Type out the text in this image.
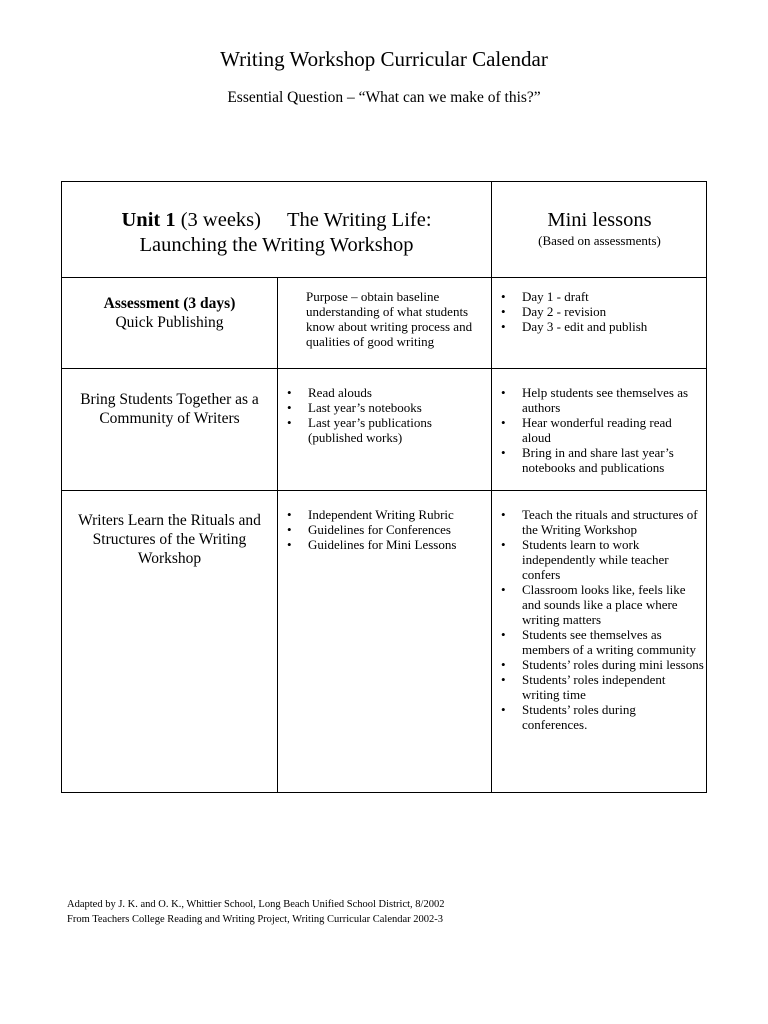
Writing Workshop Curricular Calendar
Essential Question – “What can we make of this?”
Unit 1 (3 weeks) The Writing Life:
Launching the Writing Workshop
Mini lessons
(Based on assessments)
Assessment (3 days)
Quick Publishing
Purpose – obtain baseline understanding of what students know about writing process and qualities of good writing
• Day 1 - draft
• Day 2 - revision
• Day 3 - edit and publish
Bring Students Together as a Community of Writers
• Read alouds
• Last year’s notebooks
• Last year’s publications (published works)
• Help students see themselves as authors
• Hear wonderful reading read aloud
• Bring in and share last year’s notebooks and publications
Writers Learn the Rituals and Structures of the Writing Workshop
• Independent Writing Rubric
• Guidelines for Conferences
• Guidelines for Mini Lessons
• Teach the rituals and structures of the Writing Workshop
• Students learn to work independently while teacher confers
• Classroom looks like, feels like and sounds like a place where writing matters
• Students see themselves as members of a writing community
• Students’ roles during mini lessons
• Students’ roles independent writing time
• Students’ roles during conferences.
Adapted by J. K. and O. K., Whittier School, Long Beach Unified School District, 8/2002
From Teachers College Reading and Writing Project, Writing Curricular Calendar 2002-3
